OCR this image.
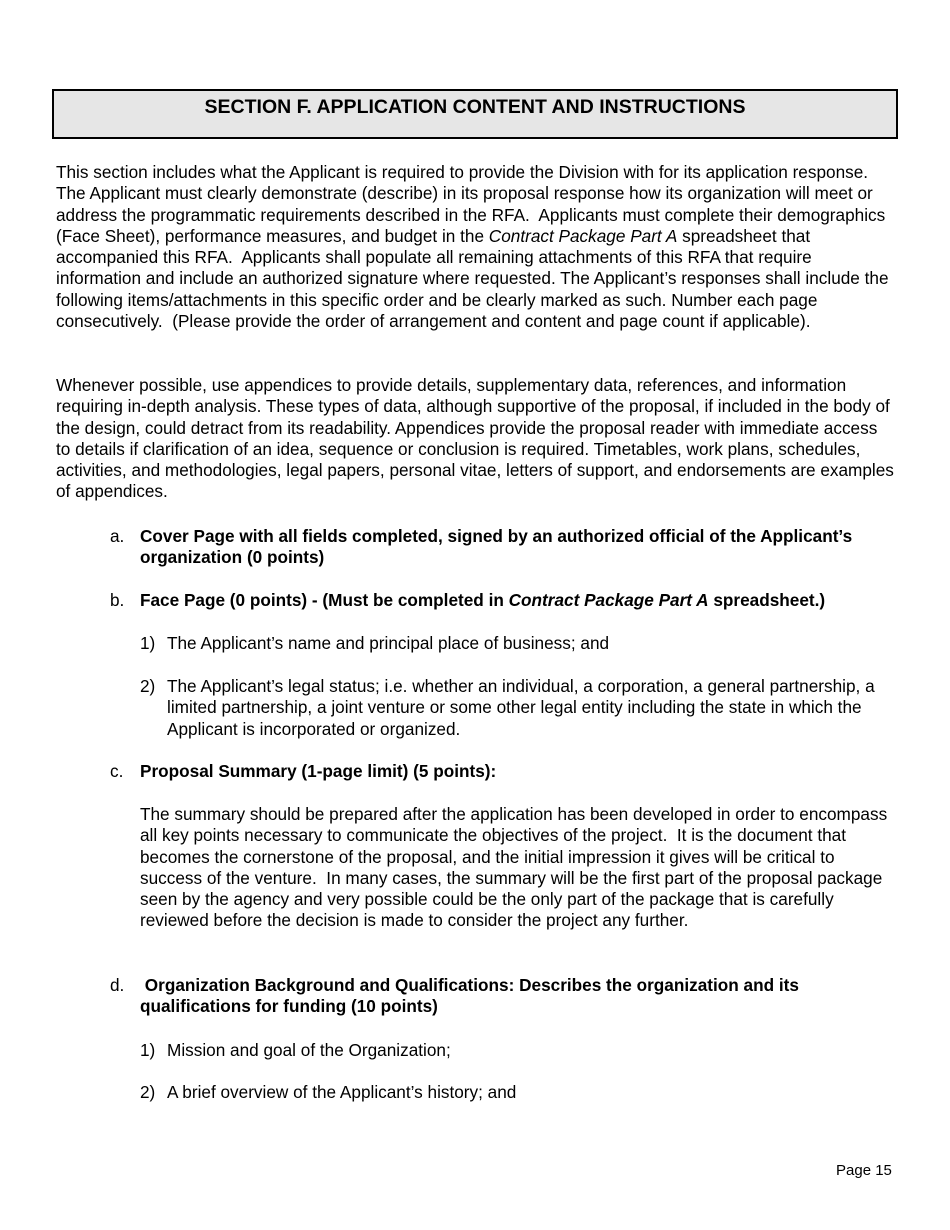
SECTION F. APPLICATION CONTENT AND INSTRUCTIONS

This section includes what the Applicant is required to provide the Division with for its application response.  The Applicant must clearly demonstrate (describe) in its proposal response how its organization will meet or address the programmatic requirements described in the RFA.  Applicants must complete their demographics (Face Sheet), performance measures, and budget in the Contract Package Part A spreadsheet that accompanied this RFA.  Applicants shall populate all remaining attachments of this RFA that require information and include an authorized signature where requested. The Applicant’s responses shall include the following items/attachments in this specific order and be clearly marked as such. Number each page consecutively.  (Please provide the order of arrangement and content and page count if applicable).

Whenever possible, use appendices to provide details, supplementary data, references, and information requiring in-depth analysis. These types of data, although supportive of the proposal, if included in the body of the design, could detract from its readability. Appendices provide the proposal reader with immediate access to details if clarification of an idea, sequence or conclusion is required. Timetables, work plans, schedules, activities, and methodologies, legal papers, personal vitae, letters of support, and endorsements are examples of appendices.

a. Cover Page with all fields completed, signed by an authorized official of the Applicant’s organization (0 points)
b. Face Page (0 points) - (Must be completed in Contract Package Part A spreadsheet.)
1) The Applicant’s name and principal place of business; and
2) The Applicant’s legal status; i.e. whether an individual, a corporation, a general partnership, a limited partnership, a joint venture or some other legal entity including the state in which the Applicant is incorporated or organized.
c. Proposal Summary (1-page limit) (5 points):

The summary should be prepared after the application has been developed in order to encompass all key points necessary to communicate the objectives of the project.  It is the document that becomes the cornerstone of the proposal, and the initial impression it gives will be critical to success of the venture.  In many cases, the summary will be the first part of the proposal package seen by the agency and very possible could be the only part of the package that is carefully reviewed before the decision is made to consider the project any further.

d. Organization Background and Qualifications: Describes the organization and its qualifications for funding (10 points)
1) Mission and goal of the Organization;
2) A brief overview of the Applicant’s history; and
Page 15
